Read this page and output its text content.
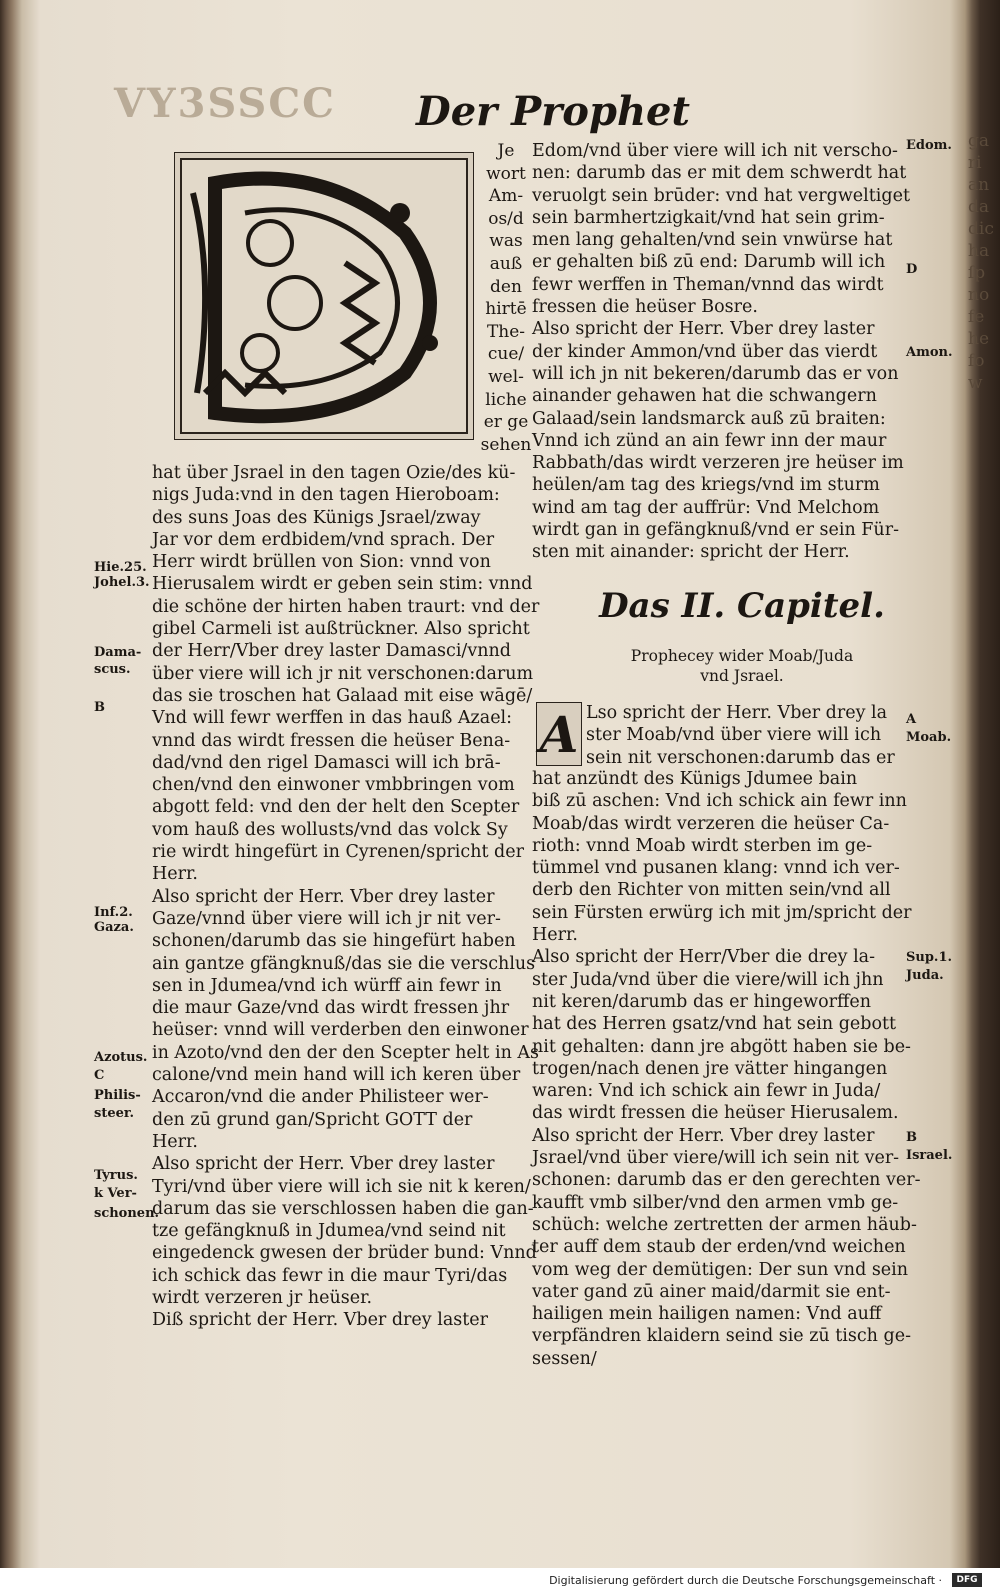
VY3SSCC Der Prophet
Je
wort
Am-
os/d
was
auß
den
hirtē
The-
cue/
wel-
liche
er ge
sehen
hat über Jsrael in den tagen Ozie/des kü-
nigs Juda:vnd in den tagen Hieroboam:
des suns Joas des Künigs Jsrael/zway
Jar vor dem erdbidem/vnd sprach. Der
Herr wirdt brüllen von Sion: vnnd von
Hierusalem wirdt er geben sein stim: vnnd
die schöne der hirten haben traurt: vnd der
gibel Carmeli ist außtrückner. Also spricht
der Herr/Vber drey laster Damasci/vnnd
über viere will ich jr nit verschonen:darum
das sie troschen hat Galaad mit eise wāgē/
Vnd will fewr werffen in das hauß Azael:
vnnd das wirdt fressen die heüser Bena-
dad/vnd den rigel Damasci will ich brā-
chen/vnd den einwoner vmbbringen vom
abgott feld: vnd den der helt den Scepter
vom hauß des wollusts/vnd das volck Sy
rie wirdt hingefürt in Cyrenen/spricht der
Herr.
Also spricht der Herr. Vber drey laster
Gaze/vnnd über viere will ich jr nit ver-
schonen/darumb das sie hingefürt haben
ain gantze gfängknuß/das sie die verschlus
sen in Jdumea/vnd ich würff ain fewr in
die maur Gaze/vnd das wirdt fressen jhr
heüser: vnnd will verderben den einwoner
in Azoto/vnd den der den Scepter helt in As
calone/vnd mein hand will ich keren über
Accaron/vnd die ander Philisteer wer-
den zū grund gan/Spricht GOTT der
Herr.
Also spricht der Herr. Vber drey laster
Tyri/vnd über viere will ich sie nit k keren/
darum das sie verschlossen haben die gan-
tze gefängknuß in Jdumea/vnd seind nit
eingedenck gwesen der brüder bund: Vnnd
ich schick das fewr in die maur Tyri/das
wirdt verzeren jr heüser.
Diß spricht der Herr. Vber drey laster
Hie.25.
Johel.3.
Dama-
scus.
B
Inf.2.
Gaza.
Azotus.
C
Philis-
steer.
Tyrus.
k Ver-
schonen.
Edom/vnd über viere will ich nit verscho-
nen: darumb das er mit dem schwerdt hat
veruolgt sein brūder: vnd hat vergweltiget
sein barmhertzigkait/vnd hat sein grim-
men lang gehalten/vnd sein vnwürse hat
er gehalten biß zū end: Darumb will ich
fewr werffen in Theman/vnnd das wirdt
fressen die heüser Bosre.
Also spricht der Herr. Vber drey laster
der kinder Ammon/vnd über das vierdt
will ich jn nit bekeren/darumb das er von
ainander gehawen hat die schwangern
Galaad/sein landsmarck auß zū braiten:
Vnnd ich zünd an ain fewr inn der maur
Rabbath/das wirdt verzeren jre heüser im
heülen/am tag des kriegs/vnd im sturm
wind am tag der auffrür: Vnd Melchom
wirdt gan in gefängknuß/vnd er sein Für-
sten mit ainander: spricht der Herr.
Das II. Capitel.
Prophecey wider Moab/Juda
vnd Jsrael.
A Lso spricht der Herr. Vber drey la
ster Moab/vnd über viere will ich
sein nit verschonen:darumb das er
hat anzündt des Künigs Jdumee bain
biß zū aschen: Vnd ich schick ain fewr inn
Moab/das wirdt verzeren die heüser Ca-
rioth: vnnd Moab wirdt sterben im ge-
tümmel vnd pusanen klang: vnnd ich ver-
derb den Richter von mitten sein/vnd all
sein Fürsten erwürg ich mit jm/spricht der
Herr.
Also spricht der Herr/Vber die drey la-
ster Juda/vnd über die viere/will ich jhn
nit keren/darumb das er hingeworffen
hat des Herren gsatz/vnd hat sein gebott
nit gehalten: dann jre abgött haben sie be-
trogen/nach denen jre vätter hingangen
waren: Vnd ich schick ain fewr in Juda/
das wirdt fressen die heüser Hierusalem.
Also spricht der Herr. Vber drey laster
Jsrael/vnd über viere/will ich sein nit ver-
schonen: darumb das er den gerechten ver-
kaufft vmb silber/vnd den armen vmb ge-
schüch: welche zertretten der armen häub-
ter auff dem staub der erden/vnd weichen
vom weg der demütigen: Der sun vnd sein
vater gand zū ainer maid/darmit sie ent-
hailigen mein hailigen namen: Vnd auff
verpfändren klaidern seind sie zū tisch ge-
sessen/
Edom.
D
Amon.
A
Moab.
Sup.1.
Juda.
B
Israel.
ga
ri
an
da
dic
ha
ſp
no
fe
he
fo
w
Digitalisierung gefördert durch die Deutsche Forschungsgemeinschaft ·	DFG
